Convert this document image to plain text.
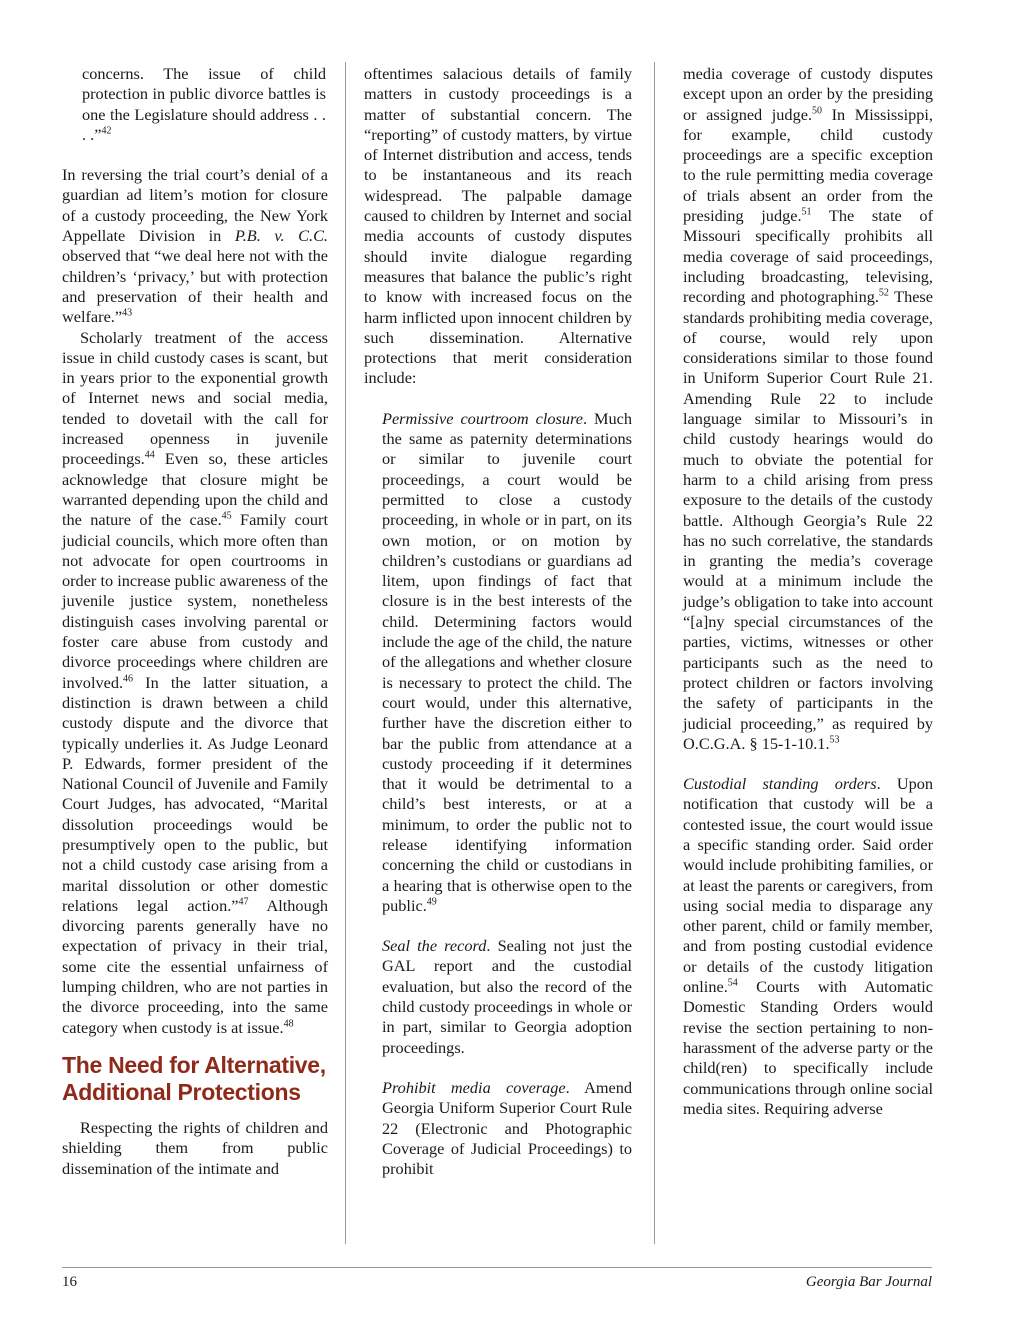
concerns. The issue of child protection in public divorce battles is one the Legislature should address . . . .”$^{42}$

In reversing the trial court’s denial of a guardian ad litem’s motion for closure of a custody proceeding, the New York Appellate Division in P.B. v. C.C. observed that “we deal here not with the children’s ‘privacy,’ but with protection and preservation of their health and welfare.”$^{43}$

Scholarly treatment of the access issue in child custody cases is scant, but in years prior to the exponential growth of Internet news and social media, tended to dovetail with the call for increased openness in juvenile proceedings.$^{44}$ Even so, these articles acknowledge that closure might be warranted depending upon the child and the nature of the case.$^{45}$ Family court judicial councils, which more often than not advocate for open courtrooms in order to increase public awareness of the juvenile justice system, nonetheless distinguish cases involving parental or foster care abuse from custody and divorce proceedings where children are involved.$^{46}$ In the latter situation, a distinction is drawn between a child custody dispute and the divorce that typically underlies it. As Judge Leonard P. Edwards, former president of the National Council of Juvenile and Family Court Judges, has advocated, “Marital dissolution proceedings would be presumptively open to the public, but not a child custody case arising from a marital dissolution or other domestic relations legal action.”$^{47}$ Although divorcing parents generally have no expectation of privacy in their trial, some cite the essential unfairness of lumping children, who are not parties in the divorce proceeding, into the same category when custody is at issue.$^{48}$

The Need for Alternative, Additional Protections

Respecting the rights of children and shielding them from public dissemination of the intimate and

oftentimes salacious details of family matters in custody proceedings is a matter of substantial concern. The “reporting” of custody matters, by virtue of Internet distribution and access, tends to be instantaneous and its reach widespread. The palpable damage caused to children by Internet and social media accounts of custody disputes should invite dialogue regarding measures that balance the public’s right to know with increased focus on the harm inflicted upon innocent children by such dissemination. Alternative protections that merit consideration include:

Permissive courtroom closure. Much the same as paternity determinations or similar to juvenile court proceedings, a court would be permitted to close a custody proceeding, in whole or in part, on its own motion, or on motion by children’s custodians or guardians ad litem, upon findings of fact that closure is in the best interests of the child. Determining factors would include the age of the child, the nature of the allegations and whether closure is necessary to protect the child. The court would, under this alternative, further have the discretion either to bar the public from attendance at a custody proceeding if it determines that it would be detrimental to a child’s best interests, or at a minimum, to order the public not to release identifying information concerning the child or custodians in a hearing that is otherwise open to the public.$^{49}$

Seal the record. Sealing not just the GAL report and the custodial evaluation, but also the record of the child custody proceedings in whole or in part, similar to Georgia adoption proceedings.

Prohibit media coverage. Amend Georgia Uniform Superior Court Rule 22 (Electronic and Photographic Coverage of Judicial Proceedings) to prohibit

media coverage of custody disputes except upon an order by the presiding or assigned judge.$^{50}$ In Mississippi, for example, child custody proceedings are a specific exception to the rule permitting media coverage of trials absent an order from the presiding judge.$^{51}$ The state of Missouri specifically prohibits all media coverage of said proceedings, including broadcasting, televising, recording and photographing.$^{52}$ These standards prohibiting media coverage, of course, would rely upon considerations similar to those found in Uniform Superior Court Rule 21. Amending Rule 22 to include language similar to Missouri’s in child custody hearings would do much to obviate the potential for harm to a child arising from press exposure to the details of the custody battle. Although Georgia’s Rule 22 has no such correlative, the standards in granting the media’s coverage would at a minimum include the judge’s obligation to take into account “[a]ny special circumstances of the parties, victims, witnesses or other participants such as the need to protect children or factors involving the safety of participants in the judicial proceeding,” as required by O.C.G.A. § 15-1-10.1.53

Custodial standing orders. Upon notification that custody will be a contested issue, the court would issue a specific standing order. Said order would include prohibiting families, or at least the parents or caregivers, from using social media to disparage any other parent, child or family member, and from posting custodial evidence or details of the custody litigation online.$^{54}$ Courts with Automatic Domestic Standing Orders would revise the section pertaining to non-harassment of the adverse party or the child(ren) to specifically include communications through online social media sites. Requiring adverse

16	Georgia Bar Journal
